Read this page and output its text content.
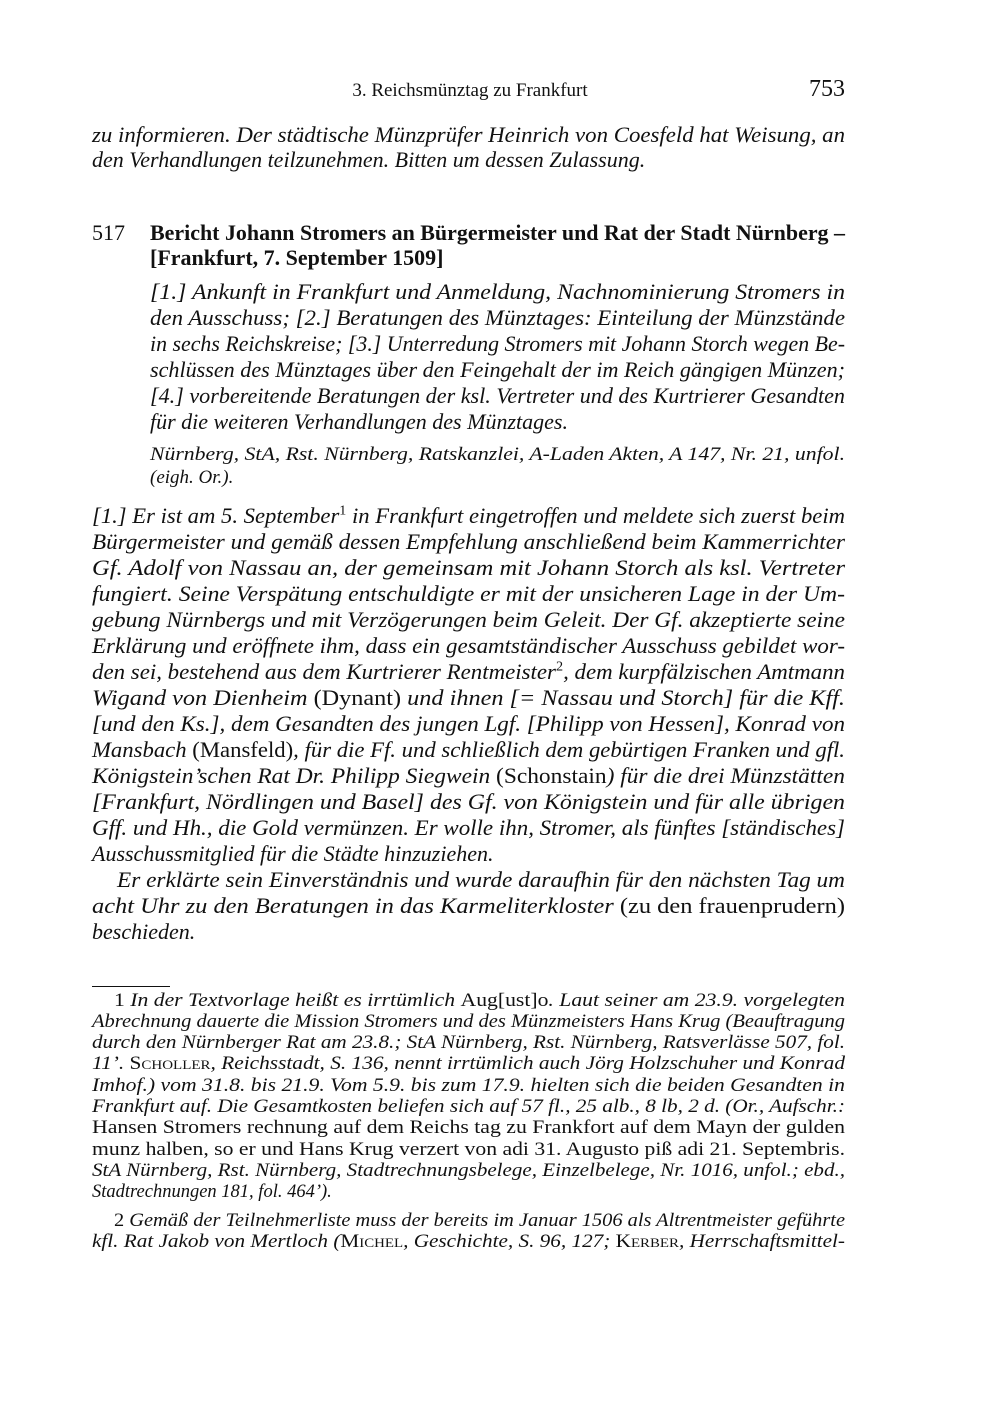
3. Reichsmünztag zu Frankfurt	753
517
zu informieren. Der städtische Münzprüfer Heinrich von Coesfeld hat Weisung, an
den Verhandlungen teilzunehmen. Bitten um dessen Zulassung.
Bericht Johann Stromers an Bürgermeister und Rat der Stadt Nürnberg –
[Frankfurt, 7. September 1509]
[1.] Ankunft in Frankfurt und Anmeldung, Nachnominierung Stromers in
den Ausschuss; [2.] Beratungen des Münztages: Einteilung der Münzstände
in sechs Reichskreise; [3.] Unterredung Stromers mit Johann Storch wegen Be-
schlüssen des Münztages über den Feingehalt der im Reich gängigen Münzen;
[4.] vorbereitende Beratungen der ksl. Vertreter und des Kurtrierer Gesandten
für die weiteren Verhandlungen des Münztages.
Nürnberg, StA, Rst. Nürnberg, Ratskanzlei, A-Laden Akten, A 147, Nr. 21, unfol.
(eigh. Or.).
[1.] Er ist am 5. September$^1$ in Frankfurt eingetroffen und meldete sich zuerst beim
Bürgermeister und gemäß dessen Empfehlung anschließend beim Kammerrichter
Gf. Adolf von Nassau an, der gemeinsam mit Johann Storch als ksl. Vertreter
fungiert. Seine Verspätung entschuldigte er mit der unsicheren Lage in der Um-
gebung Nürnbergs und mit Verzögerungen beim Geleit. Der Gf. akzeptierte seine
Erklärung und eröffnete ihm, dass ein gesamtständischer Ausschuss gebildet wor-
den sei, bestehend aus dem Kurtrierer Rentmeister$^2$, dem kurpfälzischen Amtmann
Wigand von Dienheim (Dynant) und ihnen [= Nassau und Storch] für die Kff.
[und den Ks.], dem Gesandten des jungen Lgf. [Philipp von Hessen], Konrad von
Mansbach (Mansfeld), für die Ff. und schließlich dem gebürtigen Franken und gfl.
Königstein’schen Rat Dr. Philipp Siegwein (Schonstain) für die drei Münzstätten
[Frankfurt, Nördlingen und Basel] des Gf. von Königstein und für alle übrigen
Gff. und Hh., die Gold vermünzen. Er wolle ihn, Stromer, als fünftes [ständisches]
Ausschussmitglied für die Städte hinzuziehen.
Er erklärte sein Einverständnis und wurde daraufhin für den nächsten Tag um
acht Uhr zu den Beratungen in das Karmeliterkloster (zu den frauenprudern)
beschieden.
1 In der Textvorlage heißt es irrtümlich Aug[ust]o. Laut seiner am 23.9. vorgelegten
Abrechnung dauerte die Mission Stromers und des Münzmeisters Hans Krug (Beauftragung
durch den Nürnberger Rat am 23.8.; StA Nürnberg, Rst. Nürnberg, Ratsverlässe 507, fol.
11’. Scholler, Reichsstadt, S. 136, nennt irrtümlich auch Jörg Holzschuher und Konrad
Imhof.) vom 31.8. bis 21.9. Vom 5.9. bis zum 17.9. hielten sich die beiden Gesandten in
Frankfurt auf. Die Gesamtkosten beliefen sich auf 57 fl., 25 alb., 8 lb, 2 d. (Or., Aufschr.:
Hansen Stromers rechnung auf dem Reichs tag zu Frankfort auf dem Mayn der gulden
munz halben, so er und Hans Krug verzert von adi 31. Augusto piß adi 21. Septembris.
StA Nürnberg, Rst. Nürnberg, Stadtrechnungsbelege, Einzelbelege, Nr. 1016, unfol.; ebd.,
Stadtrechnungen 181, fol. 464’).
2 Gemäß der Teilnehmerliste muss der bereits im Januar 1506 als Altrentmeister geführte
kfl. Rat Jakob von Mertloch (Michel, Geschichte, S. 96, 127; Kerber, Herrschaftsmittel-
